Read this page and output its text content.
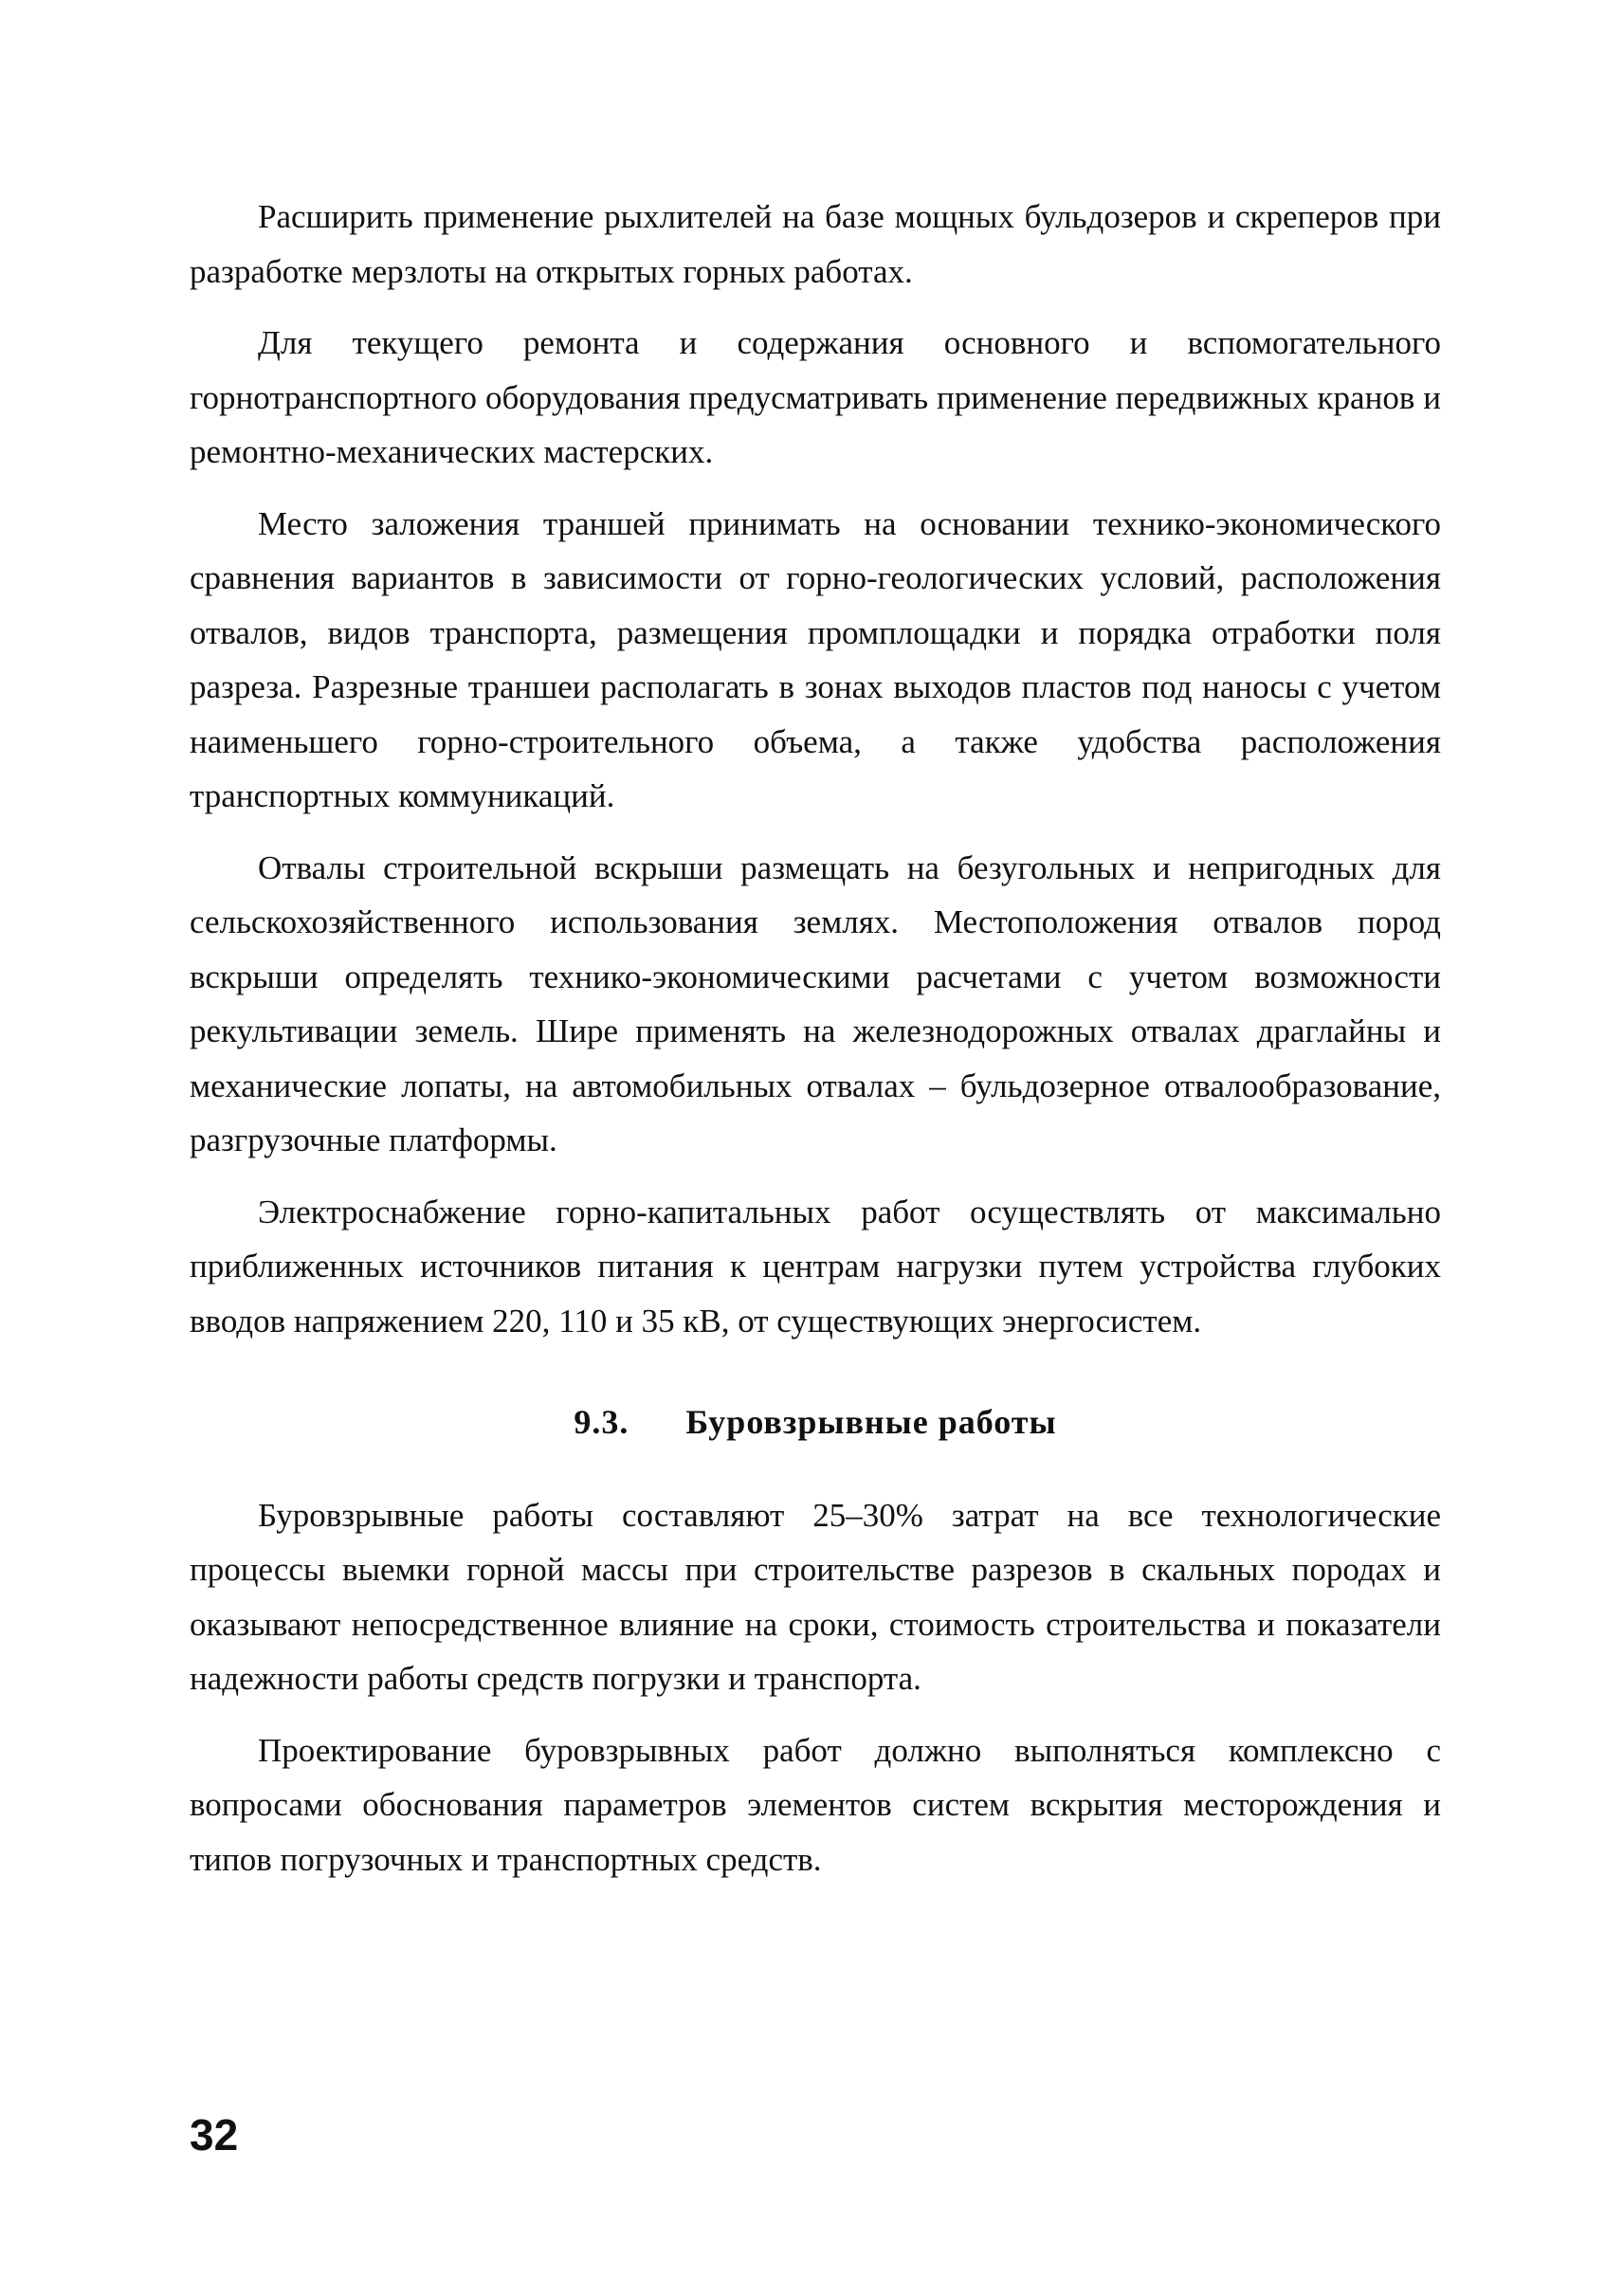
Расширить применение рыхлителей на базе мощных бульдозеров и скреперов при разработке мерзлоты на открытых горных работах.

Для текущего ремонта и содержания основного и вспомогательного горнотранспортного оборудования предусматривать применение передвижных кранов и ремонтно-механических мастерских.

Место заложения траншей принимать на основании технико-экономического сравнения вариантов в зависимости от горно-геологических условий, расположения отвалов, видов транспорта, размещения промплощадки и порядка отработки поля разреза. Разрезные траншеи располагать в зонах выходов пластов под наносы с учетом наименьшего горно-строительного объема, а также удобства расположения транспортных коммуникаций.

Отвалы строительной вскрыши размещать на безугольных и непригодных для сельскохозяйственного использования землях. Местоположения отвалов пород вскрыши определять технико-экономическими расчетами с учетом возможности рекультивации земель. Шире применять на железнодорожных отвалах драглайны и механические лопаты, на автомобильных отвалах – бульдозерное отвалообразование, разгрузочные платформы.

Электроснабжение горно-капитальных работ осуществлять от максимально приближенных источников питания к центрам нагрузки путем устройства глубоких вводов напряжением 220, 110 и 35 кВ, от существующих энергосистем.

9.3. Буровзрывные работы

Буровзрывные работы составляют 25–30% затрат на все технологические процессы выемки горной массы при строительстве разрезов в скальных породах и оказывают непосредственное влияние на сроки, стоимость строительства и показатели надежности работы средств погрузки и транспорта.

Проектирование буровзрывных работ должно выполняться комплексно с вопросами обоснования параметров элементов систем вскрытия месторождения и типов погрузочных и транспортных средств.

32
